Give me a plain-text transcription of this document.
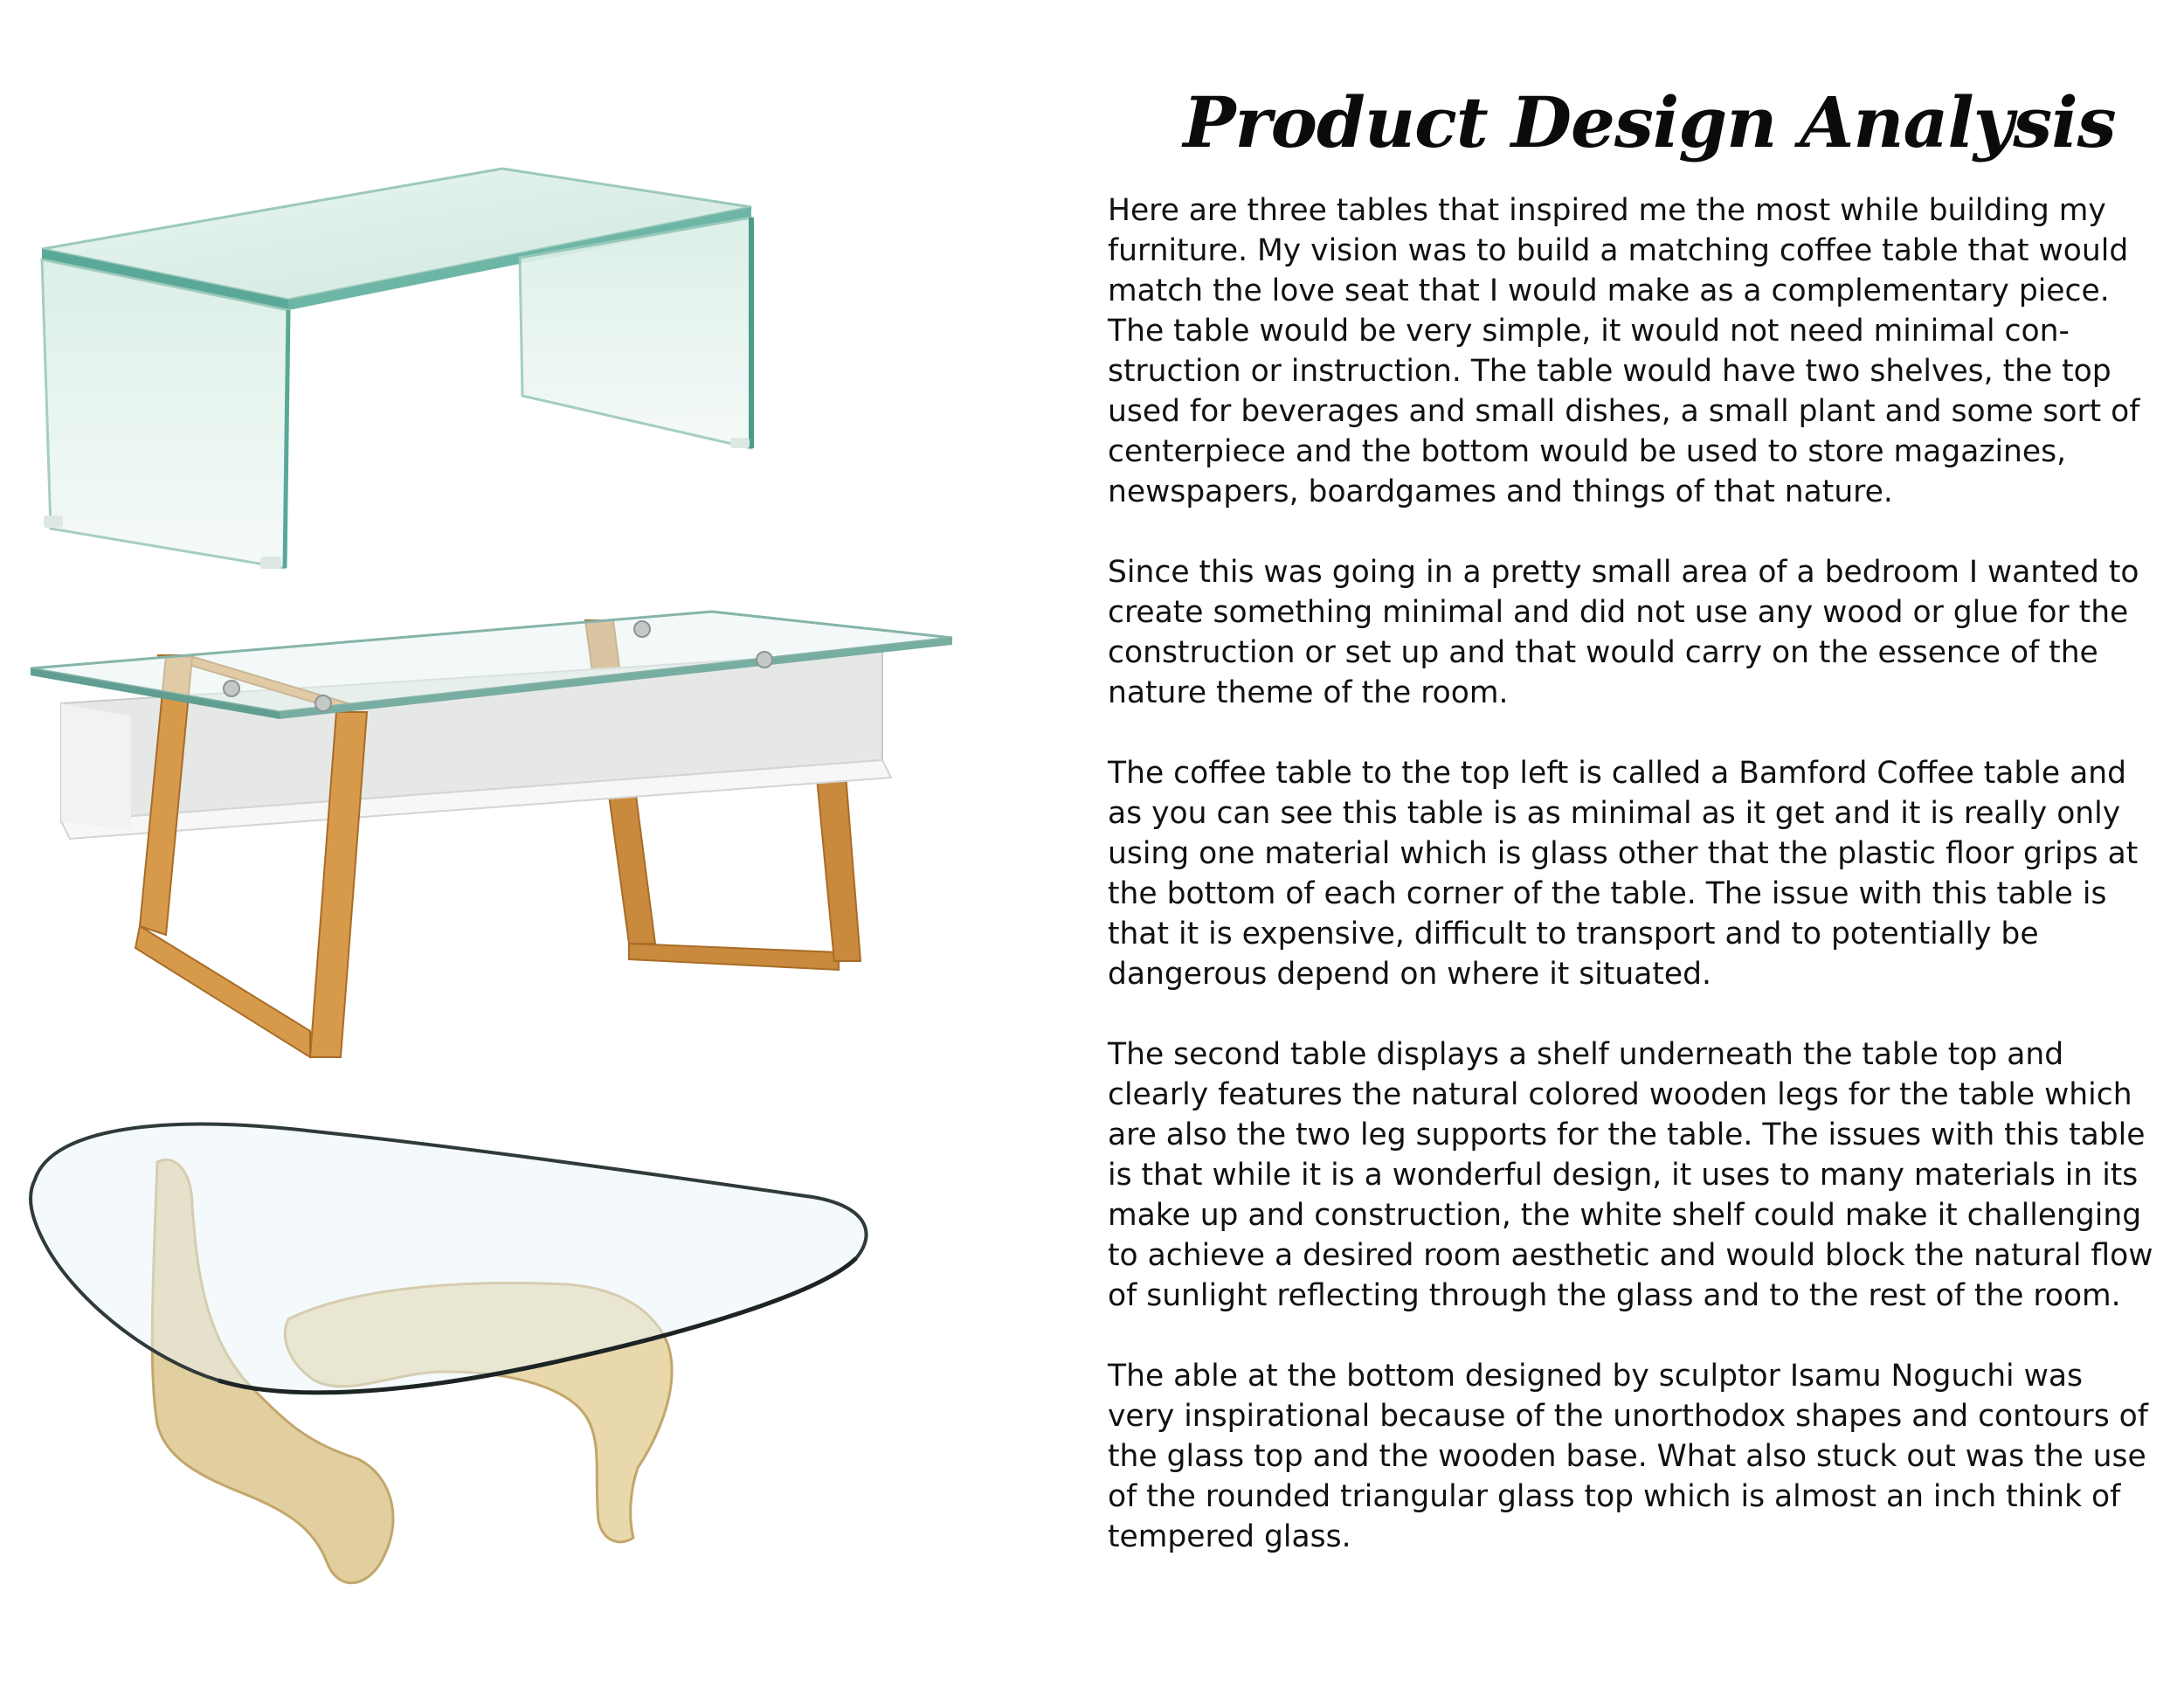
Product Design Analysis

Here are three tables that inspired me the most while building my furniture. My vision was to build a matching coffee table that would match the love seat that I would make as a complementary piece. The table would be very simple, it would not need minimal construction or instruction. The table would have two shelves, the top used for beverages and small dishes, a small plant and some sort of centerpiece and the bottom would be used to store magazines, newspapers, boardgames and things of that nature.

Since this was going in a pretty small area of a bedroom I wanted to create something minimal and did not use any wood or glue for the construction or set up and that would carry on the essence of the nature theme of the room.

The coffee table to the top left is called a Bamford Coffee table and as you can see this table is as minimal as it get and it is really only using one material which is glass other that the plastic floor grips at the bottom of each corner of the table. The issue with this table is that it is expensive, difficult to transport and to potentially be dangerous depend on where it situated.

The second table displays a shelf underneath the table top and clearly features the natural colored wooden legs for the table which are also the two leg supports for the table. The issues with this table is that while it is a wonderful design, it uses to many materials in its make up and construction, the white shelf could make it challenging to achieve a desired room aesthetic and would block the natural flow of sunlight reflecting through the glass and to the rest of the room.

The able at the bottom designed by sculptor Isamu Noguchi was very inspirational because of the unorthodox shapes and contours of the glass top and the wooden base. What also stuck out was the use of the rounded triangular glass top which is almost an inch think of tempered glass.
